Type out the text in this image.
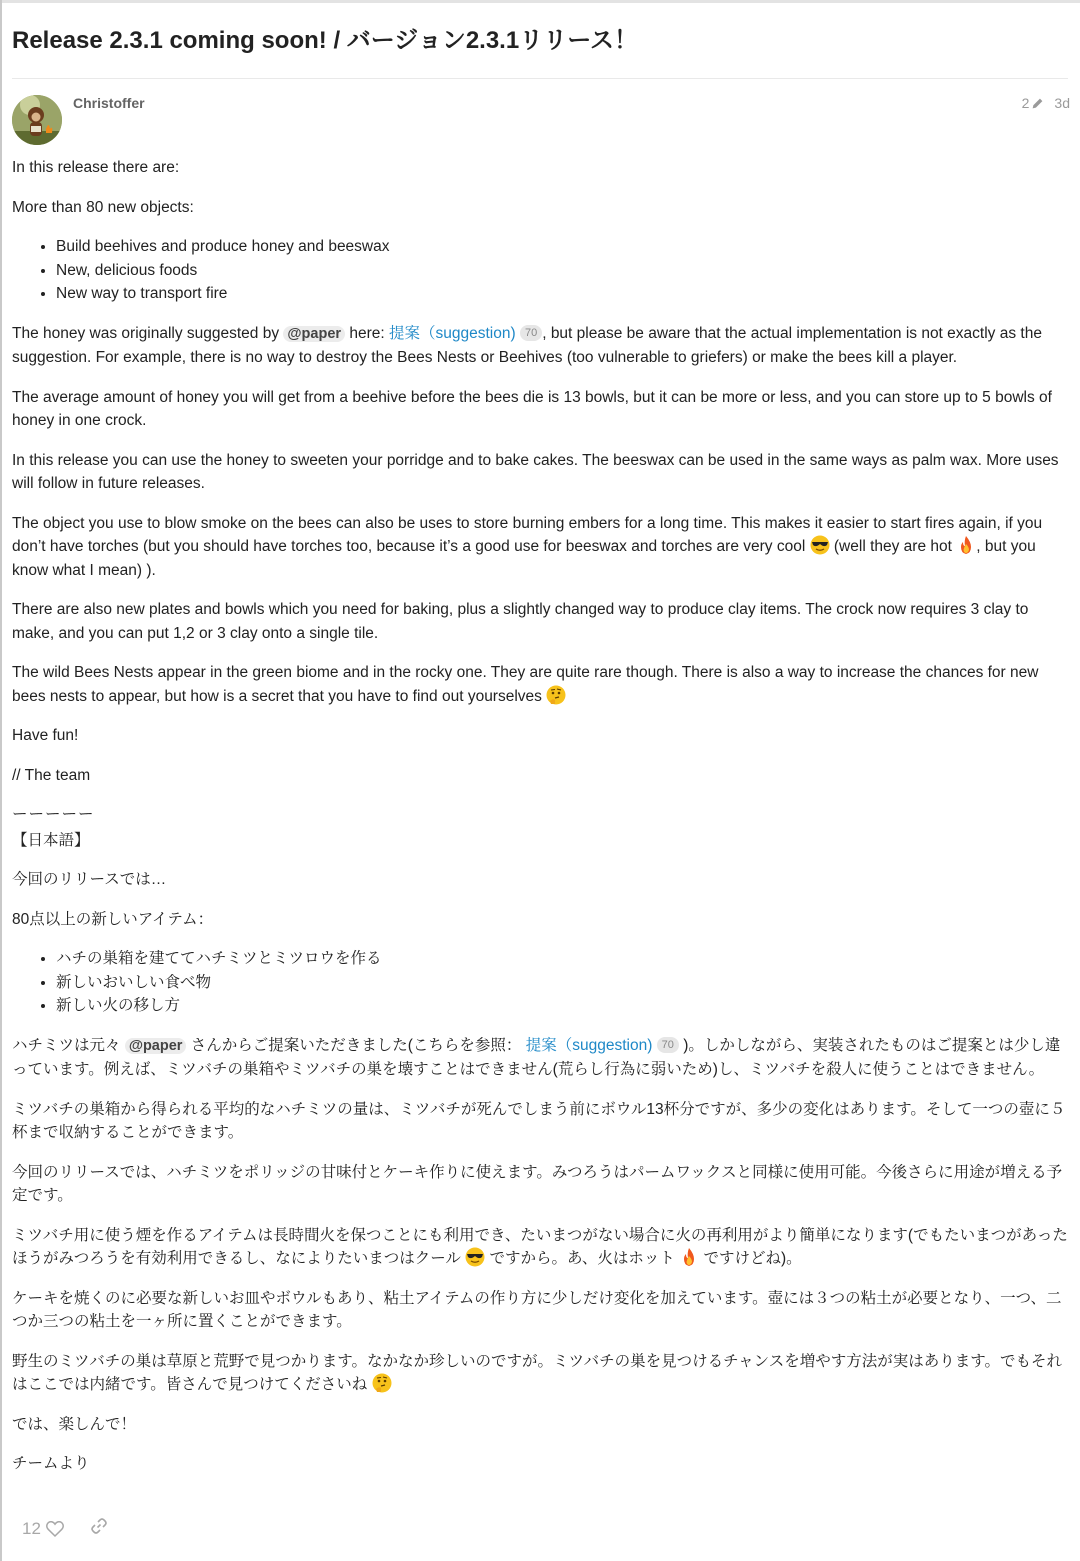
Release 2.3.1 coming soon! / バージョン2.3.1リリース！
Christoffer	2 3d

In this release there are:

More than 80 new objects:

• Build beehives and produce honey and beeswax
• New, delicious foods
• New way to transport fire

The honey was originally suggested by @paper here: 提案（suggestion) 70 , but please be aware that the actual implementation is not exactly as the suggestion. For example, there is no way to destroy the Bees Nests or Beehives (too vulnerable to griefers) or make the bees kill a player.

The average amount of honey you will get from a beehive before the bees die is 13 bowls, but it can be more or less, and you can store up to 5 bowls of honey in one crock.

In this release you can use the honey to sweeten your porridge and to bake cakes. The beeswax can be used in the same ways as palm wax. More uses will follow in future releases.

The object you use to blow smoke on the bees can also be uses to store burning embers for a long time. This makes it easier to start fires again, if you don’t have torches (but you should have torches too, because it’s a good use for beeswax and torches are very cool  (well they are hot , but you know what I mean) ).

There are also new plates and bowls which you need for baking, plus a slightly changed way to produce clay items. The crock now requires 3 clay to make, and you can put 1,2 or 3 clay onto a single tile.

The wild Bees Nests appear in the green biome and in the rocky one. They are quite rare though. There is also a way to increase the chances for new bees nests to appear, but how is a secret that you have to find out yourselves

Have fun!

// The team

ーーーーー

【日本語】

今回のリリースでは…

80点以上の新しいアイテム：

• ハチの巣箱を建ててハチミツとミツロウを作る
• 新しいおいしい食べ物
• 新しい火の移し方

ハチミツは元々 @paper さんからご提案いただきました(こちらを参照： 提案（suggestion) 70 )。しかしながら、実装されたものはご提案とは少し違っています。例えば、ミツバチの巣箱やミツバチの巣を壊すことはできません(荒らし行為に弱いため)し、ミツバチを殺人に使うことはできません。

ミツバチの巣箱から得られる平均的なハチミツの量は、ミツバチが死んでしまう前にボウル13杯分ですが、多少の変化はあります。そして一つの壺に５杯まで収納することができます。

今回のリリースでは、ハチミツをポリッジの甘味付とケーキ作りに使えます。みつろうはパームワックスと同様に使用可能。今後さらに用途が増える予定です。

ミツバチ用に使う煙を作るアイテムは長時間火を保つことにも利用でき、たいまつがない場合に火の再利用がより簡単になります(でもたいまつがあったほうがみつろうを有効利用できるし、なによりたいまつはクール  ですから。あ、火はホット  ですけどね)。

ケーキを焼くのに必要な新しいお皿やボウルもあり、粘土アイテムの作り方に少しだけ変化を加えています。壺には３つの粘土が必要となり、一つ、二つか三つの粘土を一ヶ所に置くことができます。

野生のミツバチの巣は草原と荒野で見つかります。なかなか珍しいのですが。ミツバチの巣を見つけるチャンスを増やす方法が実はあります。でもそれはここでは内緒です。皆さんで見つけてくださいね

では、楽しんで！

チームより

12
